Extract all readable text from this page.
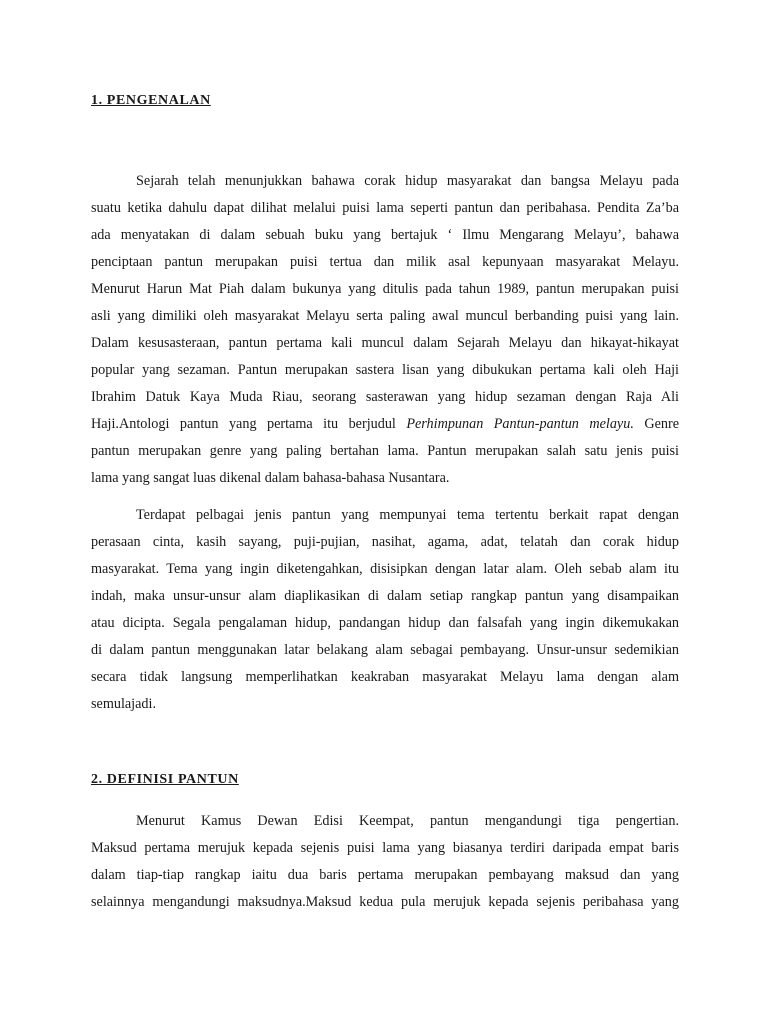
1. PENGENALAN
Sejarah telah menunjukkan bahawa corak hidup masyarakat dan bangsa Melayu pada
suatu ketika dahulu dapat dilihat melalui puisi lama seperti pantun dan peribahasa. Pendita Za’ba
ada menyatakan di dalam sebuah buku yang bertajuk ‘ Ilmu Mengarang Melayu’, bahawa
penciptaan pantun merupakan puisi tertua dan milik asal kepunyaan masyarakat Melayu.
Menurut Harun Mat Piah dalam bukunya yang ditulis pada tahun 1989, pantun merupakan puisi
asli yang dimiliki oleh masyarakat Melayu serta paling awal muncul berbanding puisi yang lain.
Dalam kesusasteraan, pantun pertama kali muncul dalam Sejarah Melayu dan hikayat-hikayat
popular yang sezaman. Pantun merupakan sastera lisan yang dibukukan pertama kali oleh Haji
Ibrahim Datuk Kaya Muda Riau, seorang sasterawan yang hidup sezaman dengan Raja Ali
Haji.Antologi pantun yang pertama itu berjudul Perhimpunan Pantun-pantun melayu. Genre
pantun merupakan genre yang paling bertahan lama. Pantun merupakan salah satu jenis puisi
lama yang sangat luas dikenal dalam bahasa-bahasa Nusantara.
Terdapat pelbagai jenis pantun yang mempunyai tema tertentu berkait rapat dengan
perasaan cinta, kasih sayang, puji-pujian, nasihat, agama, adat, telatah dan corak hidup
masyarakat. Tema yang ingin diketengahkan, disisipkan dengan latar alam. Oleh sebab alam itu
indah, maka unsur-unsur alam diaplikasikan di dalam setiap rangkap pantun yang disampaikan
atau dicipta. Segala pengalaman hidup, pandangan hidup dan falsafah yang ingin dikemukakan
di dalam pantun menggunakan latar belakang alam sebagai pembayang. Unsur-unsur sedemikian
secara tidak langsung memperlihatkan keakraban masyarakat Melayu lama dengan alam
semulajadi.
2. DEFINISI PANTUN
Menurut Kamus Dewan Edisi Keempat, pantun mengandungi tiga pengertian.
Maksud pertama merujuk kepada sejenis puisi lama yang biasanya terdiri daripada empat baris
dalam tiap-tiap rangkap iaitu dua baris pertama merupakan pembayang maksud dan yang
selainnya mengandungi maksudnya.Maksud kedua pula merujuk kepada sejenis peribahasa yang
